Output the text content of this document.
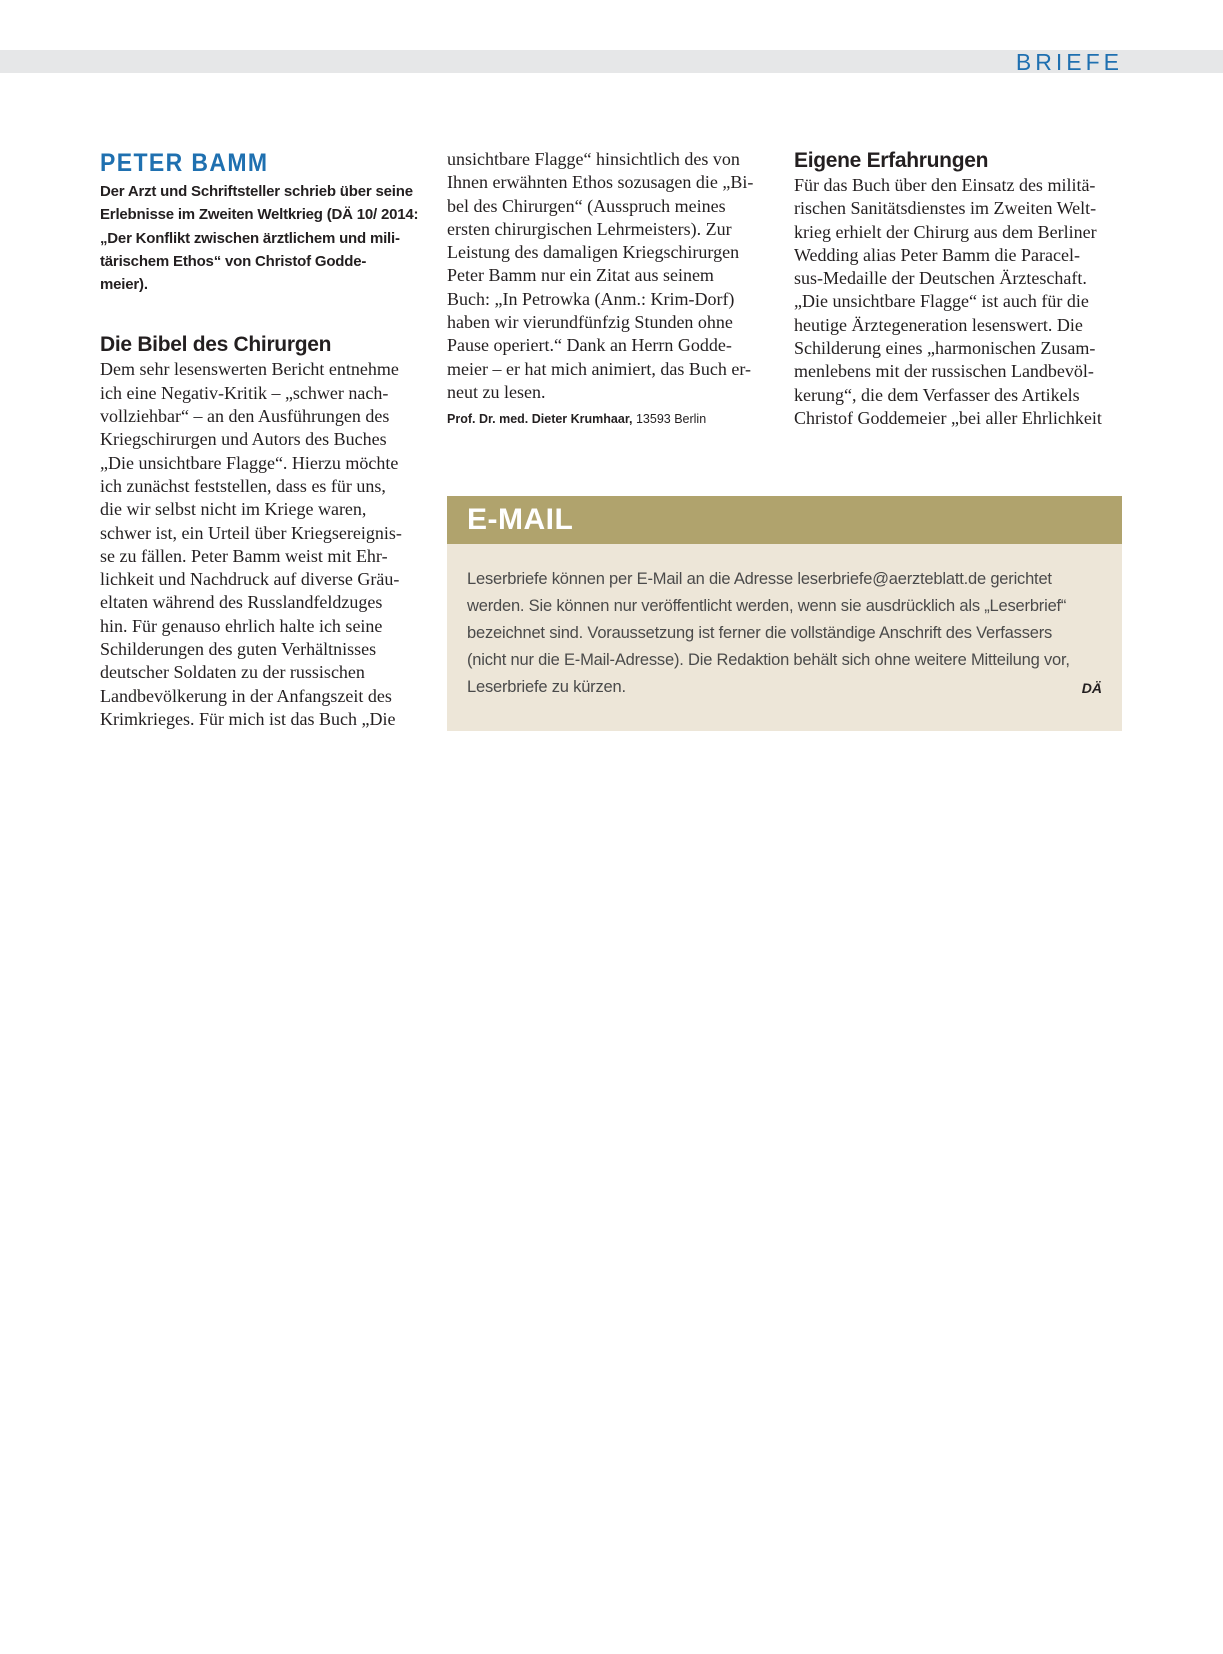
BRIEFE
PETER BAMM

Der Arzt und Schriftsteller schrieb über seine
Erlebnisse im Zweiten Weltkrieg (DÄ 10/ 2014:
„Der Konflikt zwischen ärztlichem und mili-
tärischem Ethos“ von Christof Godde-
meier).

Die Bibel des Chirurgen

Dem sehr lesenswerten Bericht entnehme
ich eine Negativ-Kritik – „schwer nach-
vollziehbar“ – an den Ausführungen des
Kriegschirurgen und Autors des Buches
„Die unsichtbare Flagge“. Hierzu möchte
ich zunächst feststellen, dass es für uns,
die wir selbst nicht im Kriege waren,
schwer ist, ein Urteil über Kriegsereignis-
se zu fällen. Peter Bamm weist mit Ehr-
lichkeit und Nachdruck auf diverse Gräu-
eltaten während des Russlandfeldzuges
hin. Für genauso ehrlich halte ich seine
Schilderungen des guten Verhältnisses
deutscher Soldaten zu der russischen
Landbevölkerung in der Anfangszeit des
Krimkrieges. Für mich ist das Buch „Die

unsichtbare Flagge“ hinsichtlich des von
Ihnen erwähnten Ethos sozusagen die „Bi-
bel des Chirurgen“ (Ausspruch meines
ersten chirurgischen Lehrmeisters). Zur
Leistung des damaligen Kriegschirurgen
Peter Bamm nur ein Zitat aus seinem
Buch: „In Petrowka (Anm.: Krim-Dorf)
haben wir vierundfünfzig Stunden ohne
Pause operiert.“ Dank an Herrn Godde-
meier – er hat mich animiert, das Buch er-
neut zu lesen.

Prof. Dr. med. Dieter Krumhaar, 13593 Berlin

Eigene Erfahrungen

Für das Buch über den Einsatz des militä-
rischen Sanitätsdienstes im Zweiten Welt-
krieg erhielt der Chirurg aus dem Berliner
Wedding alias Peter Bamm die Paracel-
sus-Medaille der Deutschen Ärzteschaft.
„Die unsichtbare Flagge“ ist auch für die
heutige Ärztegeneration lesenswert. Die
Schilderung eines „harmonischen Zusam-
menlebens mit der russischen Landbevöl-
kerung“, die dem Verfasser des Artikels
Christof Goddemeier „bei aller Ehrlichkeit

E-MAIL

Leserbriefe können per E-Mail an die Adresse leserbriefe@aerzteblatt.de gerichtet
werden. Sie können nur veröffentlicht werden, wenn sie ausdrücklich als „Leserbrief“
bezeichnet sind. Voraussetzung ist ferner die vollständige Anschrift des Verfassers
(nicht nur die E-Mail-Adresse). Die Redaktion behält sich ohne weitere Mitteilung vor,
Leserbriefe zu kürzen.	DÄ
